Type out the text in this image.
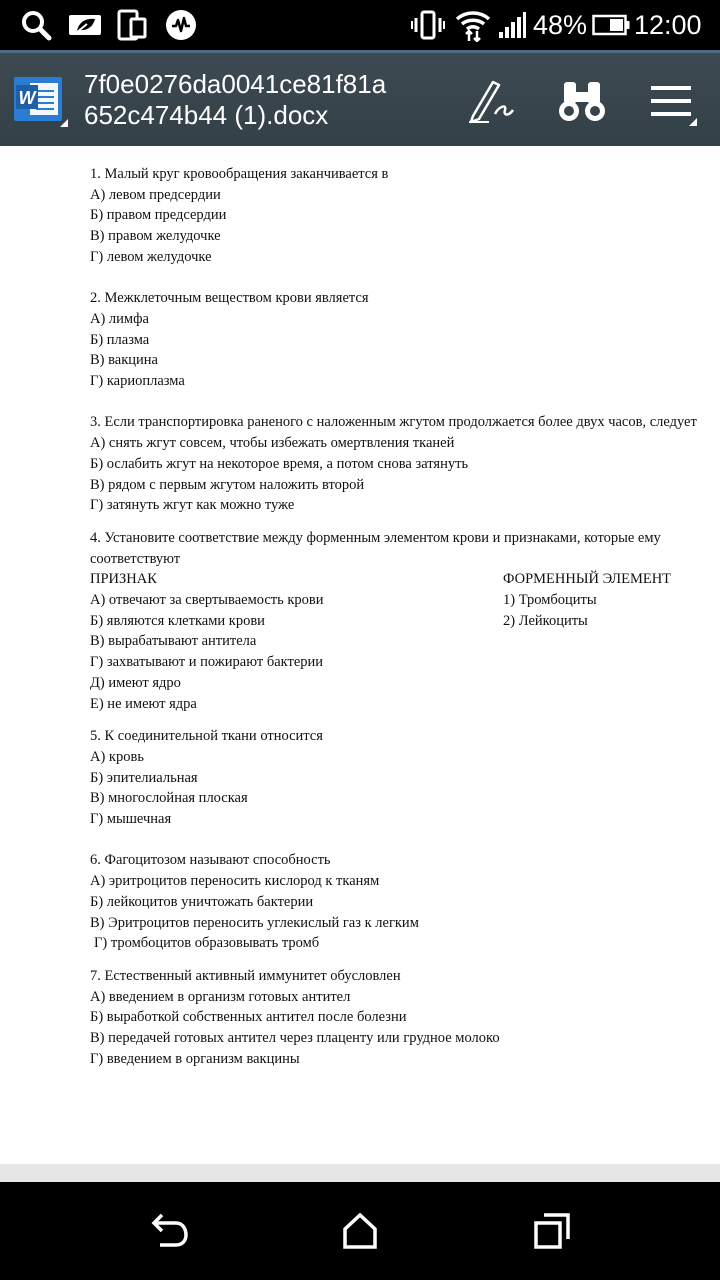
48% 12:00
W 7f0e0276da0041ce81f81a
652c474b44 (1).docx
1. Малый круг кровообращения заканчивается в
А) левом предсердии
Б) правом предсердии
В) правом желудочке
Г) левом желудочке
2. Межклеточным веществом крови является
А) лимфа
Б) плазма
В) вакцина
Г) кариоплазма
3. Если транспортировка раненого с наложенным жгутом продолжается более двух часов, следует
А) снять жгут совсем, чтобы избежать омертвления тканей
Б) ослабить жгут на некоторое время, а потом снова затянуть
В) рядом с первым жгутом наложить второй
Г) затянуть жгут как можно туже
4. Установите соответствие между форменным элементом крови и признаками, которые ему соответствуют
ПРИЗНАК
А) отвечают за свертываемость крови
Б) являются клетками крови
В) вырабатывают антитела
Г) захватывают и пожирают бактерии
Д) имеют ядро
Е) не имеют ядра
ФОРМЕННЫЙ ЭЛЕМЕНТ
1) Тромбоциты
2) Лейкоциты
5. К соединительной ткани относится
А) кровь
Б) эпителиальная
В) многослойная плоская
Г) мышечная
6. Фагоцитозом называют способность
А) эритроцитов переносить кислород к тканям
Б) лейкоцитов уничтожать бактерии
В) Эритроцитов переносить углекислый газ к легким
Г) тромбоцитов образовывать тромб
7. Естественный активный иммунитет обусловлен
А) введением в организм готовых антител
Б) выработкой собственных антител после болезни
В) передачей готовых антител через плаценту или грудное молоко
Г) введением в организм вакцины
